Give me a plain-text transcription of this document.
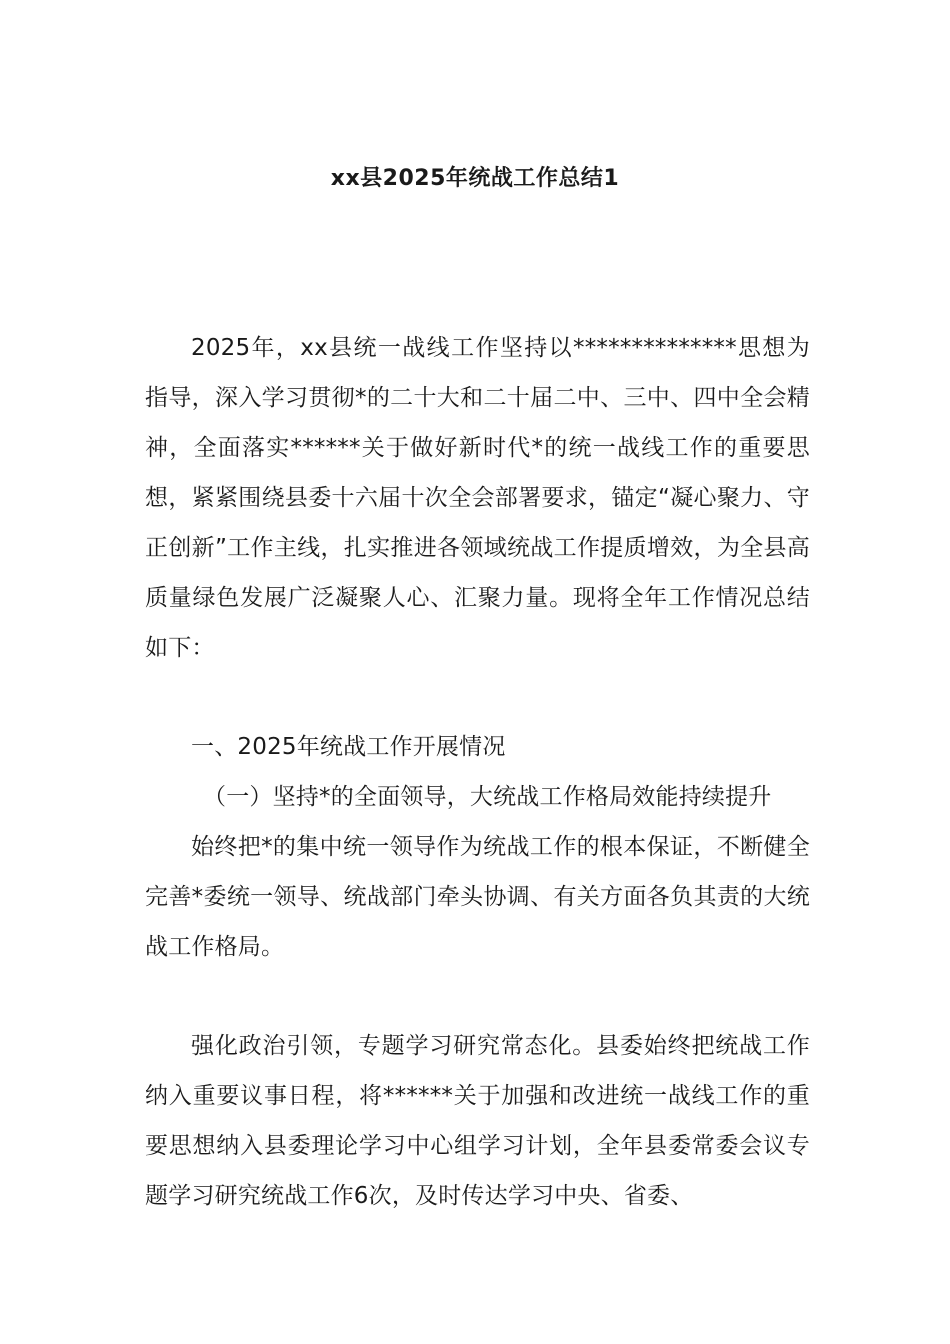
xx县2025年统战工作总结1

2025年，xx县统一战线工作坚持以**************思想为指导，深入学习贯彻*的二十大和二十届二中、三中、四中全会精神，全面落实******关于做好新时代*的统一战线工作的重要思想，紧紧围绕县委十六届十次全会部署要求，锚定“凝心聚力、守正创新”工作主线，扎实推进各领域统战工作提质增效，为全县高质量绿色发展广泛凝聚人心、汇聚力量。现将全年工作情况总结如下：

一、2025年统战工作开展情况

（一）坚持*的全面领导，大统战工作格局效能持续提升

始终把*的集中统一领导作为统战工作的根本保证，不断健全完善*委统一领导、统战部门牵头协调、有关方面各负其责的大统战工作格局。

强化政治引领，专题学习研究常态化。县委始终把统战工作纳入重要议事日程，将******关于加强和改进统一战线工作的重要思想纳入县委理论学习中心组学习计划，全年县委常委会议专题学习研究统战工作6次，及时传达学习中央、省委、
